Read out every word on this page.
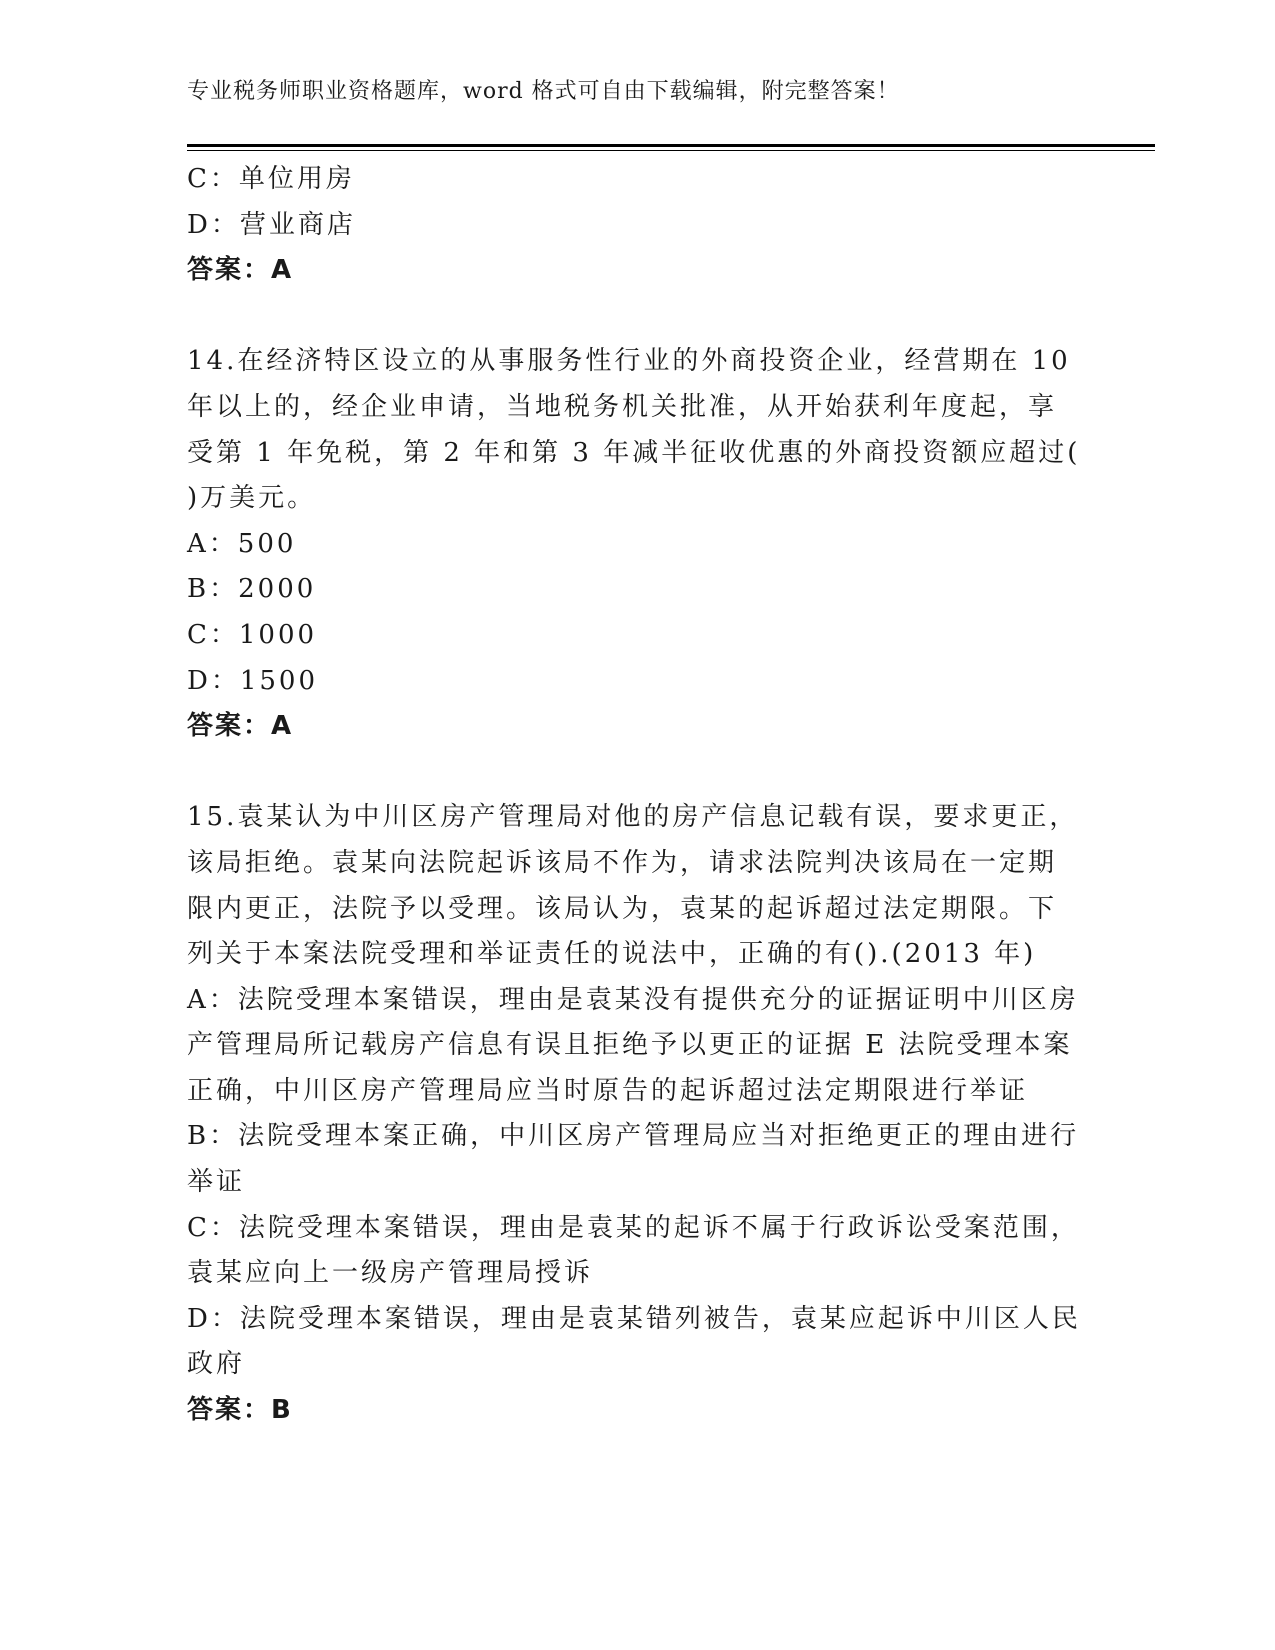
专业税务师职业资格题库，word 格式可自由下载编辑，附完整答案！
C：单位用房
D：营业商店
答案：A
14.在经济特区设立的从事服务性行业的外商投资企业，经营期在 10
年以上的，经企业申请，当地税务机关批准，从开始获利年度起，享
受第 1 年免税，第 2 年和第 3 年减半征收优惠的外商投资额应超过(
)万美元。
A：500
B：2000
C：1000
D：1500
答案：A
15.袁某认为中川区房产管理局对他的房产信息记载有误，要求更正，
该局拒绝。袁某向法院起诉该局不作为，请求法院判决该局在一定期
限内更正，法院予以受理。该局认为，袁某的起诉超过法定期限。下
列关于本案法院受理和举证责任的说法中，正确的有().(2013 年)
A：法院受理本案错误，理由是袁某没有提供充分的证据证明中川区房
产管理局所记载房产信息有误且拒绝予以更正的证据 E 法院受理本案
正确，中川区房产管理局应当时原告的起诉超过法定期限进行举证
B：法院受理本案正确，中川区房产管理局应当对拒绝更正的理由进行
举证
C：法院受理本案错误，理由是袁某的起诉不属于行政诉讼受案范围，
袁某应向上一级房产管理局授诉
D：法院受理本案错误，理由是袁某错列被告，袁某应起诉中川区人民
政府
答案：B
